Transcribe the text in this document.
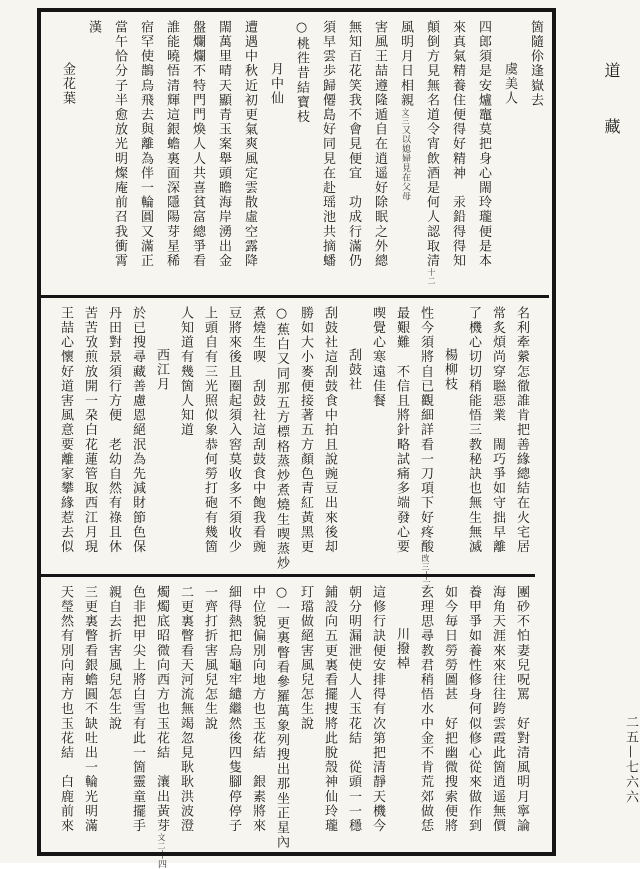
道
藏
二五—七六六
箇隨伱逢嶽去
虞美人
四郎須是安爐竈莫把身心閙玲瓏便是本
來真氣精養住便得好精神　汞鉛得得知
顛倒方見無名道令宵飲酒是何人認取清十二
風明月日相親文三又以媳婦見在父母
害風王喆遵隆遁自在逍遥好除眠之外總
無知百花笑我不會見便宜　功成行滿仍
須早雲歩歸僊島好同見在赴瑶池共摘蟠
○桃徃昔結寶枝
月中仙
遭遇中秋近初更氣爽風定雲散虛空露降
閙萬里晴天顯青玉案舉頭瞻海岸湧出金
盤爛爛不特門門煥人人共喜貧富總爭看
誰能曉悟清輝這銀蟾裏面深隱陽芽星稀
宿罕使鵲烏飛去與離為伴一輪圓又滿正
當午恰分子半愈放光明燦庵前召我衝霄
漢
金花葉
名利牽縈怎徹誰肯把善緣總結在火宅居
常炙煩尚穿聮惡業　閙巧爭如守拙早離
了機心切切稍能悟三教秘訣也無生無滅
楊柳枝
性今須將自已觀細詳看一刀項下好疼酸攺三十三
最艱難　不信且將針略試痛多端發心要
喫覺心寒遠佳餐
刮鼓社
刮鼓社這刮鼓食中拍且說豌豆出來後却
勝如大小麥便接著五方顏色青紅黃黑更
○蕉白又同那五方標格蒸炒煮燒生喫蒸炒
煮燒生喫　刮鼓社這刮鼓食中飽我看豌
豆將來後且圈起須入窖莫收多不須收少
上頭自有三光照似象恭何勞打砲有幾箇
人知道有幾箇人知道
西江月
於已搜尋藏善慮恩絕泯為先減財節色保
丹田對景須行方便　老幼自然有祿且休
苦苦攷煎放開一朶白花蓮管取西江月現
王喆心懷好道害風意要離家攀緣惹去似
團砂不怕妻兒呪罵　好對清風明月寧論
海角天涯來來往往跨雲霞此箇逍遥無價
養甲爭如養性修身何似修心從來做作到
如今毎日勞勞圖甚　好把幽微搜索便將
玄理思尋教君稍悟水中金不肯荒郊做恁
川撥棹
這修行訣便安排得有次第把清靜天機今
朝分明漏泄使人人玉花結　從頭一一穩
鋪設向五更裏看擺捜將此脫殼神仙玲瓏
玎璫做絕害風兒怎生說
○一更裏瞥看參羅萬象列搜出那坐正星內
中位貌偏別向地方也玉花結　銀素將來
細得熱把烏龜牢繾繼然後四隻腳停停子
一齊打折害風兒怎生說
二更裏瞥看天河流無竭忽見耿耿洪波澄
燭燭底昭微向西方也玉花結　瀼出黃芽文二十四
色非把甲尖上將白雪有此一箇靈童擺手
親自去折害風兒怎生說
三更裏瞥看銀蟾圓不缺吐出一輪光明滿
天瑩然有別向南方也玉花結　白鹿前來
